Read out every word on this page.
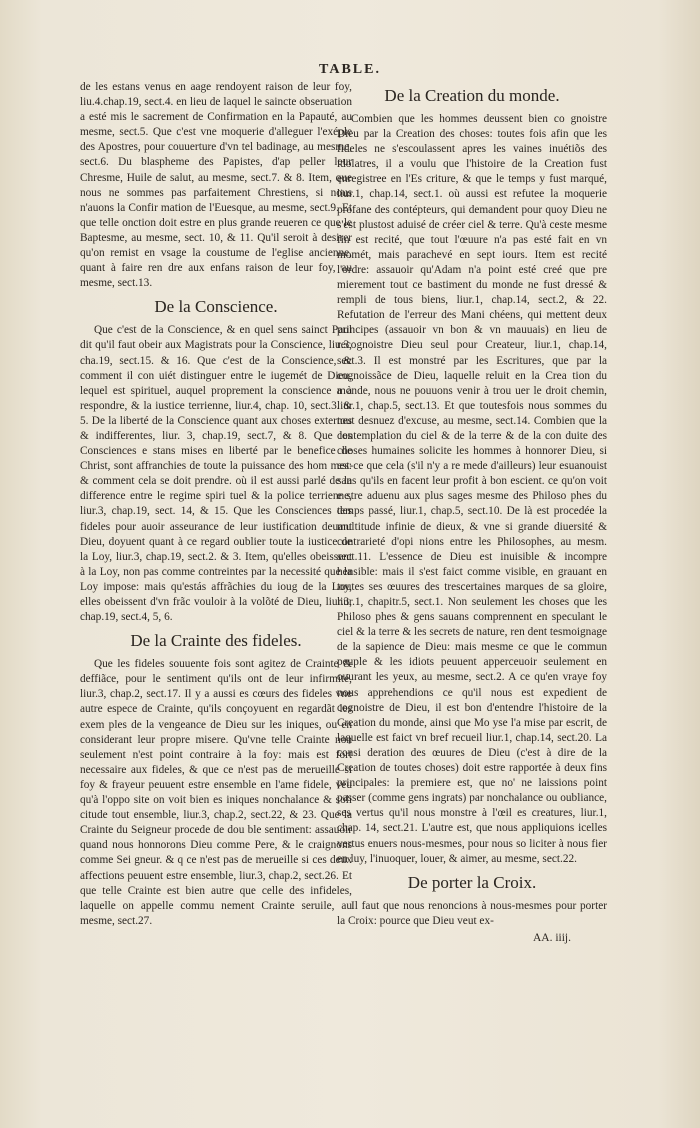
TABLE.

de les estans venus en aage rendoyent raison de leur foy, liu.4.chap.19, sect.4. en lieu de laquel le saincte obseruation a esté mis le sacrement de Confirmation en la Papauté, au mesme, sect.5. Que c'est vne moquerie d'alleguer l'exéple des Apostres, pour couuerture d'vn tel badinage, au mesme, sect.6. Du blaspheme des Papistes, d'ap peller leur Chresme, Huile de salut, au mesme, sect.7. & 8. Item, que nous ne sommes pas parfaitement Chrestiens, si nous n'auons la Confir mation de l'Euesque, au mesme, sect.9. Et que telle onction doit estre en plus grande reueren ce que le Baptesme, au mesme, sect. 10, & 11. Qu'il seroit à desirer qu'on remist en vsage la coustume de l'eglise ancienne, quant à faire ren dre aux enfans raison de leur foy, au mesme, sect.13.

De la Conscience.

Que c'est de la Conscience, & en quel sens sainct Paul dit qu'il faut obeir aux Magistrats pour la Conscience, liu.3, cha.19, sect.15. & 16. Que c'est de la Conscience, & comment il con uiét distinguer entre le iugemét de Dieu, lequel est spirituel, auquel proprement la conscience a à respondre, & la iustice terrienne, liur.4, chap. 10, sect.3. & 5. De la liberté de la Conscience quant aux choses externes & indifferentes, liur. 3, chap.19, sect.7, & 8. Que les Consciences e stans mises en liberté par le benefice de Christ, sont affranchies de toute la puissance des hom mes: & comment cela se doit prendre. où il est aussi parlé de la difference entre le regime spiri tuel & la police terrienne, liur.3, chap.19, sect. 14, & 15. Que les Consciences des fideles pour auoir asseurance de leur iustification deuant Dieu, doyuent quant à ce regard oublier toute la iustice de la Loy, liur.3, chap.19, sect.2. & 3. Item, qu'elles obeissent à la Loy, non pas comme contreintes par la necessité que la Loy impose: mais qu'estás affrãchies du ioug de la Loy, elles obeissent d'vn frãc vouloir à la volõté de Dieu, liur.3, chap.19, sect.4, 5, 6.

De la Crainte des fideles.

Que les fideles souuente fois sont agitez de Crainte & deffiãce, pour le sentiment qu'ils ont de leur infirmité, liur.3, chap.2, sect.17. Il y a aussi es cœurs des fideles vne autre espece de Crainte, qu'ils conçoyuent en regardãt les exem ples de la vengeance de Dieu sur les iniques, ou en considerant leur propre misere. Qu'vne telle Crainte non seulement n'est point contraire à la foy: mais est fort necessaire aux fideles, & que ce n'est pas de merueille si foy & frayeur peuuent estre ensemble en l'ame fidele, veu qu'à l'oppo site on voit bien es iniques nonchalance & soli citude tout ensemble, liur.3, chap.2, sect.22, & 23. Que la Crainte du Seigneur procede de dou ble sentiment: assauoir quand nous honnorons Dieu comme Pere, & le craignons comme Sei gneur. & q ce n'est pas de merueille si ces deux affections peuuent estre ensemble, liur.3, chap.2, sect.26. Et que telle Crainte est bien autre que celle des infideles, laquelle on appelle commu nement Crainte seruile, au mesme, sect.27.

De la Creation du monde.

Combien que les hommes deussent bien co gnoistre Dieu par la Creation des choses: toutes fois afin que les fideles ne s'escoulassent apres les vaines inuétiõs des idolatres, il a voulu que l'histoire de la Creation fust enregistree en l'Es criture, & que le temps y fust marqué, liur.1, chap.14, sect.1. où aussi est refutee la moquerie profane des contépteurs, qui demandent pour quoy Dieu ne s'est plustost aduisé de créer ciel & terre. Qu'à ceste mesme fin est recité, que tout l'œuure n'a pas esté fait en vn momét, mais parachevé en sept iours. Item est recité l'ordre: assauoir qu'Adam n'a point esté creé que pre mierement tout ce bastiment du monde ne fust dressé & rempli de tous biens, liur.1, chap.14, sect.2, & 22. Refutation de l'erreur des Mani chéens, qui mettent deux principes (assauoir vn bon & vn mauuais) en lieu de recognoistre Dieu seul pour Createur, liur.1, chap.14, sect.3. Il est monstré par les Escritures, que par la cognoissãce de Dieu, laquelle reluit en la Crea tion du monde, nous ne pouuons venir à trou uer le droit chemin, liur.1, chap.5, sect.13. Et que toutesfois nous sommes du tout desnuez d'excuse, au mesme, sect.14. Combien que la contemplation du ciel & de la terre & de la con duite des choses humaines solicite les hommes à honnorer Dieu, si est-ce que cela (s'il n'y a re mede d'ailleurs) leur esuanouist sans qu'ils en facent leur profit à bon escient. ce qu'on voit e stre aduenu aux plus sages mesme des Philoso phes du temps passé, liur.1, chap.5, sect.10. De là est procedée la multitude infinie de dieux, & vne si grande diuersité & contrarieté d'opi nions entre les Philosophes, au mesm. sect.11. L'essence de Dieu est inuisible & incompre hensible: mais il s'est faict comme visible, en grauant en toutes ses œuures des trescertaines marques de sa gloire, liur.1, chapitr.5, sect.1. Non seulement les choses que les Philoso phes & gens sauans comprennent en speculant le ciel & la terre & les secrets de nature, ren dent tesmoignage de la sapience de Dieu: mais mesme ce que le commun peuple & les idiots peuuent apperceuoir seulement en ouurant les yeux, au mesme, sect.2. A ce qu'en vraye foy nous apprehendions ce qu'il nous est expedient de cognoistre de Dieu, il est bon d'entendre l'histoire de la Creation du monde, ainsi que Mo yse l'a mise par escrit, de laquelle est faict vn bref recueil liur.1, chap.14, sect.20. La consi deration des œuures de Dieu (c'est à dire de la Creation de toutes choses) doit estre rapportée à deux fins principales: la premiere est, que no' ne laissions point passer (comme gens ingrats) par nonchalance ou oubliance, ses vertus qu'il nous monstre à l'œil es creatures, liur.1, chap. 14, sect.21. L'autre est, que nous appliquions icelles vertus enuers nous-mesmes, pour nous so liciter à nous fier en luy, l'inuoquer, louer, & aimer, au mesme, sect.22.

De porter la Croix.

Il faut que nous renoncions à nous-mesmes pour porter la Croix: pource que Dieu veut ex-

AA. iiij.
